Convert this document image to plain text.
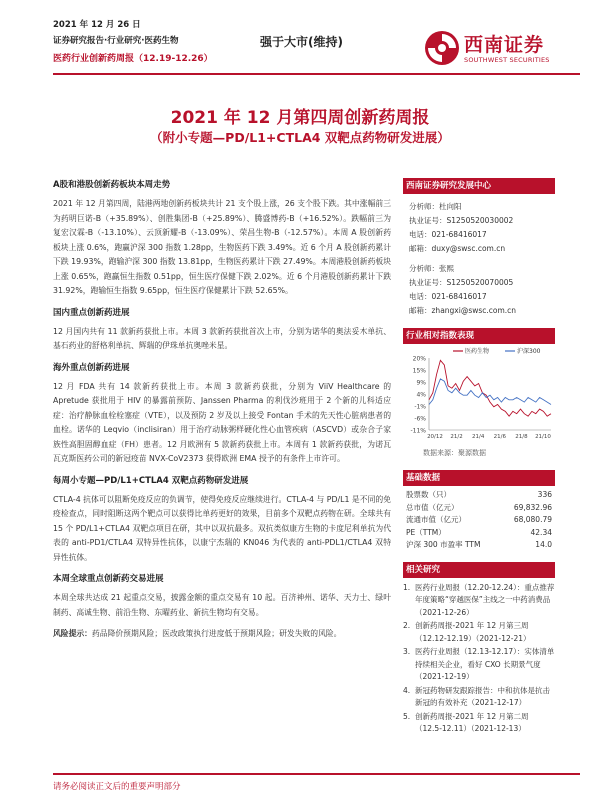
2021 年 12 月 26 日
证券研究报告·行业研究·医药生物
医药行业创新药周报（12.19-12.26）
强于大市(维持)	西南证券
SOUTHWEST SECURITIES
2021 年 12 月第四周创新药周报
（附小专题—PD/L1+CTLA4 双靶点药物研发进展）
A股和港股创新药板块本周走势

2021 年 12 月第四周，陆港两地创新药板块共计 21 支个股上涨，26 支个股下跌。其中涨幅前三为药明巨诺-B（+35.89%）、创胜集团-B（+25.89%）、腾盛博药-B（+16.52%）。跌幅前三为复宏汉霖-B（-13.10%）、云顶新耀-B（-13.09%）、荣昌生物-B（-12.57%）。本周 A 股创新药板块上涨 0.6%，跑赢沪深 300 指数 1.28pp，生物医药下跌 3.49%。近 6 个月 A 股创新药累计下跌 19.93%，跑输沪深 300 指数 13.81pp，生物医药累计下跌 27.49%。本周港股创新药板块上涨 0.65%，跑赢恒生指数 0.51pp，恒生医疗保健下跌 2.02%。近 6 个月港股创新药累计下跌 31.92%，跑输恒生指数 9.65pp，恒生医疗保健累计下跌 52.65%。

国内重点创新药进展

12 月国内共有 11 款新药获批上市。本周 3 款新药获批首次上市，分别为诺华的奥法妥木单抗、基石药业的舒格利单抗、辉瑞的伊珠单抗奥唑米星。

海外重点创新药进展

12 月 FDA 共有 14 款新药获批上市。本周 3 款新药获批，分别为 ViiV Healthcare 的 Apretude 获批用于 HIV 的暴露前预防、Janssen Pharma 的利伐沙班用于 2 个新的儿科适应症：治疗静脉血栓栓塞症（VTE），以及预防 2 岁及以上接受 Fontan 手术的先天性心脏病患者的血栓。诺华的 Leqvio（inclisiran）用于治疗动脉粥样硬化性心血管疾病（ASCVD）或杂合子家族性高胆固醇血症（FH）患者。12 月欧洲有 5 款新药获批上市。本周有 1 款新药获批，为诺瓦瓦克斯医药公司的新冠疫苗 NVX-CoV2373 获得欧洲 EMA 授予的有条件上市许可。

每周小专题—PD/L1+CTLA4 双靶点药物研发进展

CTLA-4 抗体可以阻断免疫反应的负调节，使得免疫反应继续进行。CTLA-4 与 PD/L1 是不同的免疫检查点，同时阻断这两个靶点可以获得比单药更好的效果，目前多个双靶点药物在研。全球共有 15 个 PD/L1+CTLA4 双靶点项目在研，其中以双抗最多。双抗类似康方生物的卡度尼利单抗为代表的 anti-PD1/CTLA4 双特异性抗体，以康宁杰瑞的 KN046 为代表的 anti-PDL1/CTLA4 双特异性抗体。

本周全球重点创新药交易进展

本周全球共达成 21 起重点交易，披露金额的重点交易有 10 起。百济神州、诺华、天力士、绿叶制药、高诚生物、前沿生物、东曜药业、新抗生物均有交易。

风险提示：药品降价预期风险；医改政策执行进度低于预期风险；研发失败的风险。

西南证券研究发展中心
分析师：杜向阳
执业证号：S1250520030002
电话：021-68416017
邮箱：duxy@swsc.com.cn
分析师：张熙
执业证号：S1250520070005
电话：021-68416017
邮箱：zhangxi@swsc.com.cn
行业相对指数表现
20%
15%
9%
4%
-1%
-6%
-11%
20/12 21/2 21/4 21/6 21/8 21/10
医药生物	沪深300
数据来源：聚源数据
基础数据
股票数（只）	336
总市值（亿元）	69,832.96
流通市值（亿元）	68,080.79
PE（TTM）	42.34
沪深 300 市盈率 TTM	14.0
相关研究
1. 医药行业周报（12.20-12.24）：重点推荐年度策略“穿越医保”主线之一中药消费品（2021-12-26）
2. 创新药周报-2021 年 12 月第三周（12.12-12.19）（2021-12-21）
3. 医药行业周报（12.13-12.17）：实体清单持续相关企业，看好 CXO 长期景气度（2021-12-19）
4. 新冠药物研发跟踪报告：中和抗体是抗击新冠的有效补充（2021-12-17）
5. 创新药周报-2021 年 12 月第二周（12.5-12.11）（2021-12-13）
请务必阅读正文后的重要声明部分
